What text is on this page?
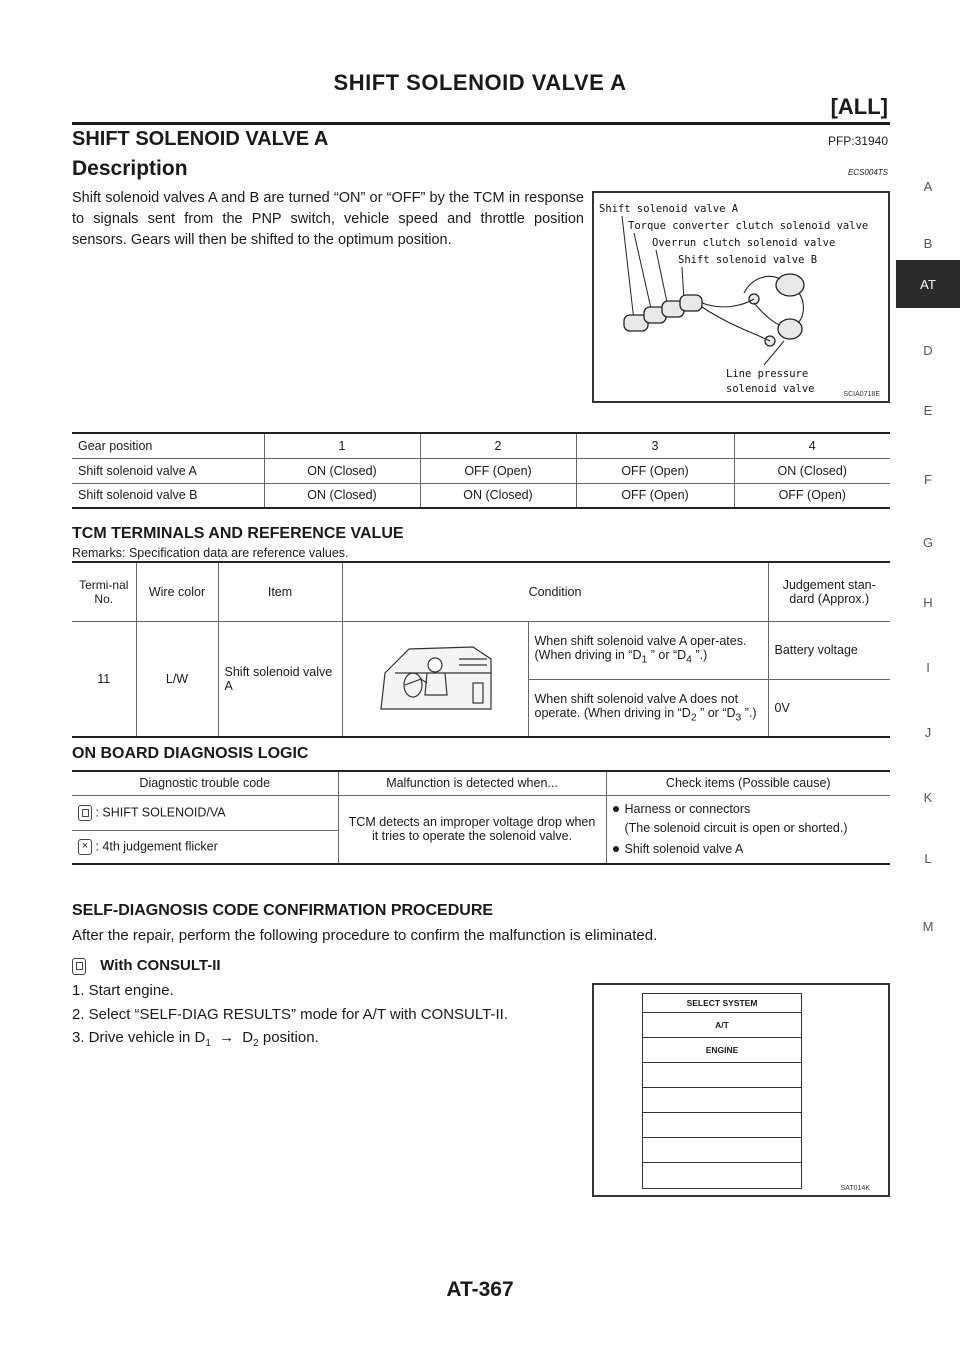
SHIFT SOLENOID VALVE A
[ALL]
SHIFT SOLENOID VALVE A	PFP:31940
Description	ECS004TS
Shift solenoid valves A and B are turned “ON” or “OFF” by the TCM in response to signals sent from the PNP switch, vehicle speed and throttle position sensors. Gears will then be shifted to the optimum position.
Shift solenoid valve A
Torque converter clutch solenoid valve
Overrun clutch solenoid valve
Shift solenoid valve B
Line pressure
solenoid valve	SCIA0718E
Gear position	1	2	3	4
Shift solenoid valve A	ON (Closed)	OFF (Open)	OFF (Open)	ON (Closed)
Shift solenoid valve B	ON (Closed)	ON (Closed)	OFF (Open)	OFF (Open)
TCM TERMINALS AND REFERENCE VALUE
Remarks: Specification data are reference values.
Termi-nal No.	Wire color	Item	Condition		Judgement stan-dard (Approx.)
11	L/W	Shift solenoid valve A		When shift solenoid valve A oper-ates. (When driving in “$D_1$ ” or “$D_4$ ”.)	Battery voltage
				When shift solenoid valve A does not operate. (When driving in “$D_2$ ” or “$D_3$ ”.)	0V
ON BOARD DIAGNOSIS LOGIC
Diagnostic trouble code	Malfunction is detected when...	Check items (Possible cause)

: SHIFT SOLENOID/VA	TCM detects an improper voltage drop when it tries to operate the solenoid valve.	Harness or connectors
(The solenoid circuit is open or shorted.)
Shift solenoid valve A

× : 4th judgement flicker		
SELF-DIAGNOSIS CODE CONFIRMATION PROCEDURE
After the repair, perform the following procedure to confirm the malfunction is eliminated.
With CONSULT-II
1. Start engine.
2. Select “SELF-DIAG RESULTS” mode for A/T with CONSULT-II.
3. Drive vehicle in $D_1 \to D_2$ position.
SELECT SYSTEM
A/T
ENGINE
SAT014K
A
B
AT
D
E
F
G
H
I
J
K
L
M
AT-367
